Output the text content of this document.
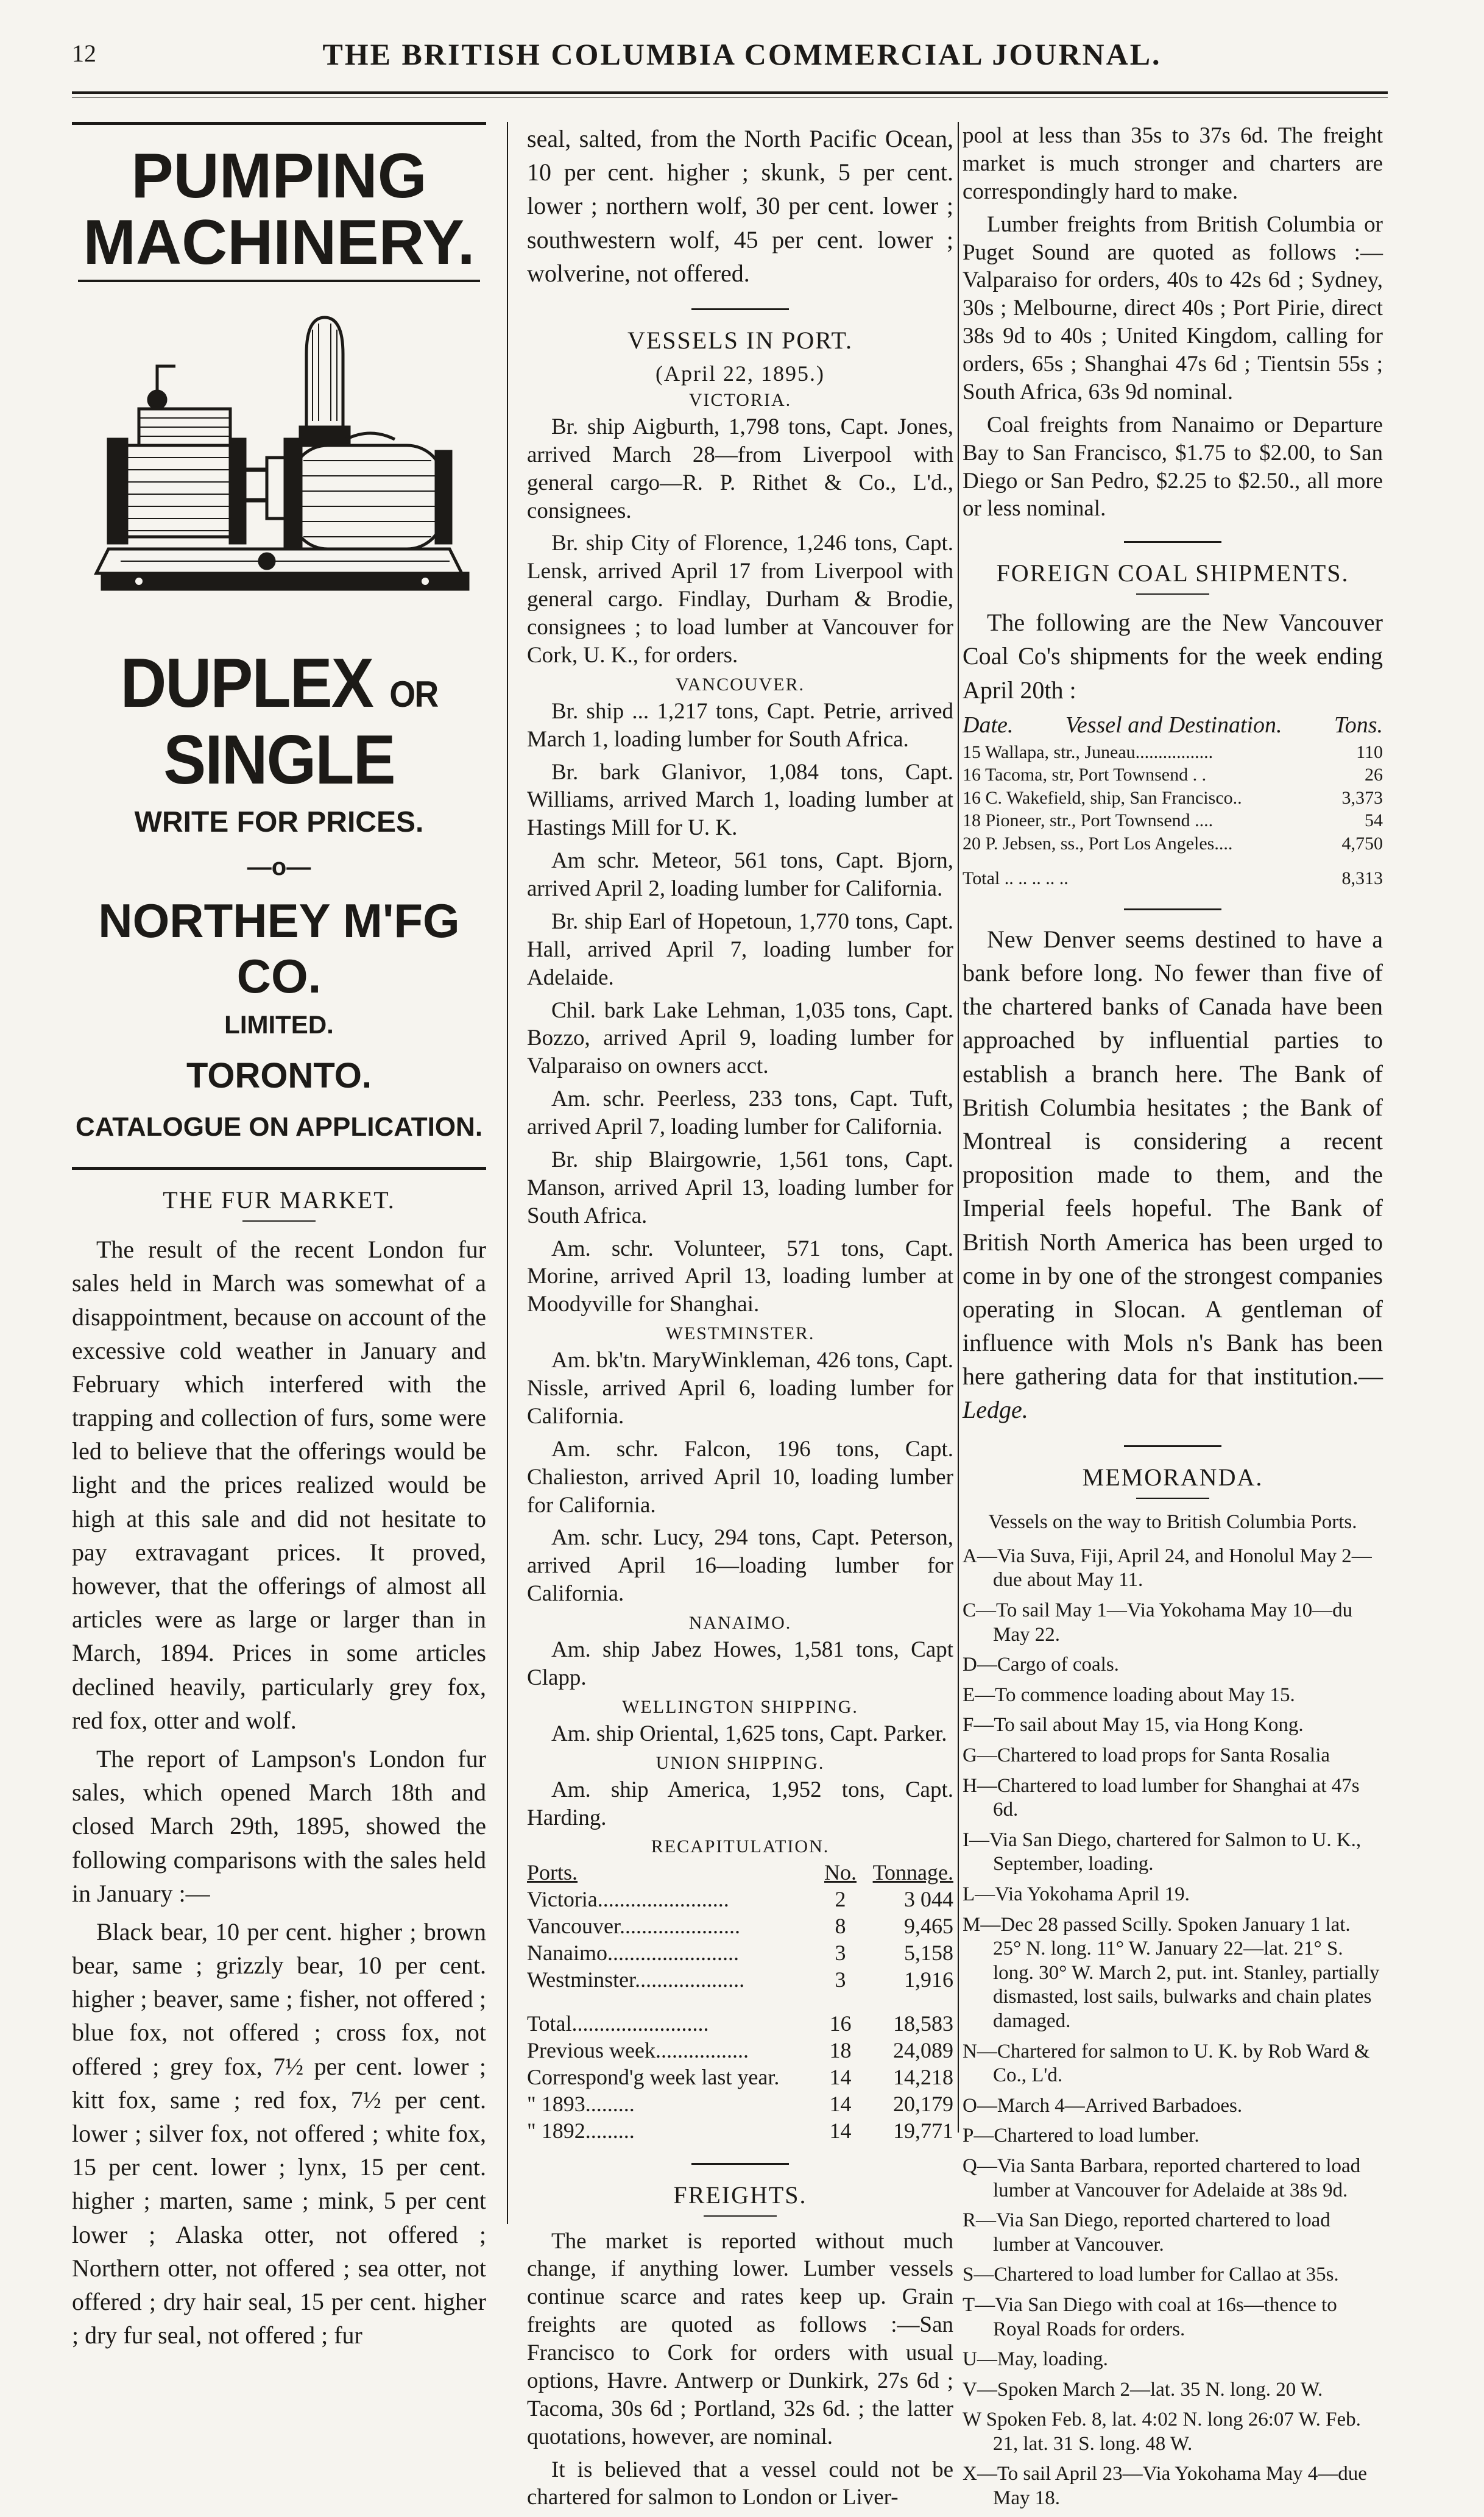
12	THE BRITISH COLUMBIA COMMERCIAL JOURNAL.
PUMPING
MACHINERY.
DUPLEX OR SINGLE
WRITE FOR PRICES.
—o—
NORTHEY M'FG CO.
LIMITED.
TORONTO.
CATALOGUE ON APPLICATION.
THE FUR MARKET.

The result of the recent London fur sales held in March was somewhat of a disappointment, because on account of the excessive cold weather in January and February which interfered with the trapping and collection of furs, some were led to believe that the offerings would be light and the prices realized would be high at this sale and did not hesitate to pay extravagant prices. It proved, however, that the offerings of almost all articles were as large or larger than in March, 1894. Prices in some articles declined heavily, particularly grey fox, red fox, otter and wolf.

The report of Lampson's London fur sales, which opened March 18th and closed March 29th, 1895, showed the following comparisons with the sales held in January :—

Black bear, 10 per cent. higher ; brown bear, same ; grizzly bear, 10 per cent. higher ; beaver, same ; fisher, not offered ; blue fox, not offered ; cross fox, not offered ; grey fox, 7½ per cent. lower ; kitt fox, same ; red fox, 7½ per cent. lower ; silver fox, not offered ; white fox, 15 per cent. lower ; lynx, 15 per cent. higher ; marten, same ; mink, 5 per cent lower ; Alaska otter, not offered ; Northern otter, not offered ; sea otter, not offered ; dry hair seal, 15 per cent. higher ; dry fur seal, not offered ; fur

seal, salted, from the North Pacific Ocean, 10 per cent. higher ; skunk, 5 per cent. lower ; northern wolf, 30 per cent. lower ; southwestern wolf, 45 per cent. lower ; wolverine, not offered.

VESSELS IN PORT.
(April 22, 1895.)
VICTORIA.

Br. ship Aigburth, 1,798 tons, Capt. Jones, arrived March 28—from Liverpool with general cargo—R. P. Rithet & Co., L'd., consignees.

Br. ship City of Florence, 1,246 tons, Capt. Lensk, arrived April 17 from Liverpool with general cargo. Findlay, Durham & Brodie, consignees ; to load lumber at Vancouver for Cork, U. K., for orders.

VANCOUVER.

Br. ship ... 1,217 tons, Capt. Petrie, arrived March 1, loading lumber for South Africa.

Br. bark Glanivor, 1,084 tons, Capt. Williams, arrived March 1, loading lumber at Hastings Mill for U. K.

Am schr. Meteor, 561 tons, Capt. Bjorn, arrived April 2, loading lumber for California.

Br. ship Earl of Hopetoun, 1,770 tons, Capt. Hall, arrived April 7, loading lumber for Adelaide.

Chil. bark Lake Lehman, 1,035 tons, Capt. Bozzo, arrived April 9, loading lumber for Valparaiso on owners acct.

Am. schr. Peerless, 233 tons, Capt. Tuft, arrived April 7, loading lumber for California.

Br. ship Blairgowrie, 1,561 tons, Capt. Manson, arrived April 13, loading lumber for South Africa.

Am. schr. Volunteer, 571 tons, Capt. Morine, arrived April 13, loading lumber at Moodyville for Shanghai.

WESTMINSTER.

Am. bk'tn. MaryWinkleman, 426 tons, Capt. Nissle, arrived April 6, loading lumber for California.

Am. schr. Falcon, 196 tons, Capt. Chalieston, arrived April 10, loading lumber for California.

Am. schr. Lucy, 294 tons, Capt. Peterson, arrived April 16—loading lumber for California.

NANAIMO.

Am. ship Jabez Howes, 1,581 tons, Capt Clapp.

WELLINGTON SHIPPING.

Am. ship Oriental, 1,625 tons, Capt. Parker.

UNION SHIPPING.

Am. ship America, 1,952 tons, Capt. Harding.

RECAPITULATION.
Ports.	No.	Tonnage.
Victoria........................	2	3 044
Vancouver......................	8	9,465
Nanaimo........................	3	5,158
Westminster....................	3	1,916
Total.........................	16	18,583
Previous week.................	18	24,089
Correspond'g week last year.	14	14,218
" 1893.........	14	20,179
" 1892.........	14	19,771
FREIGHTS.

The market is reported without much change, if anything lower. Lumber vessels continue scarce and rates keep up. Grain freights are quoted as follows :—San Francisco to Cork for orders with usual options, Havre. Antwerp or Dunkirk, 27s 6d ; Tacoma, 30s 6d ; Portland, 32s 6d. ; the latter quotations, however, are nominal.

It is believed that a vessel could not be chartered for salmon to London or Liver-

pool at less than 35s to 37s 6d. The freight market is much stronger and charters are correspondingly hard to make.

Lumber freights from British Columbia or Puget Sound are quoted as follows :—Valparaiso for orders, 40s to 42s 6d ; Sydney, 30s ; Melbourne, direct 40s ; Port Pirie, direct 38s 9d to 40s ; United Kingdom, calling for orders, 65s ; Shanghai 47s 6d ; Tientsin 55s ; South Africa, 63s 9d nominal.

Coal freights from Nanaimo or Departure Bay to San Francisco, $1.75 to $2.00, to San Diego or San Pedro, $2.25 to $2.50., all more or less nominal.

FOREIGN COAL SHIPMENTS.

The following are the New Vancouver Coal Co's shipments for the week ending April 20th :

Date. Vessel and Destination. Tons.
15 Wallapa, str., Juneau.................	110
16 Tacoma, str, Port Townsend . .	26
16 C. Wakefield, ship, San Francisco..	3,373
18 Pioneer, str., Port Townsend ....	54
20 P. Jebsen, ss., Port Los Angeles....	4,750
Total .. .. .. .. ..	8,313

New Denver seems destined to have a bank before long. No fewer than five of the chartered banks of Canada have been approached by influential parties to establish a branch here. The Bank of British Columbia hesitates ; the Bank of Montreal is considering a recent proposition made to them, and the Imperial feels hopeful. The Bank of British North America has been urged to come in by one of the strongest companies operating in Slocan. A gentleman of influence with Mols n's Bank has been here gathering data for that institution.—Ledge.

MEMORANDA.
Vessels on the way to British Columbia Ports.
A—Via Suva, Fiji, April 24, and Honolul May 2—due about May 11.
C—To sail May 1—Via Yokohama May 10—du May 22.
D—Cargo of coals.
E—To commence loading about May 15.
F—To sail about May 15, via Hong Kong.
G—Chartered to load props for Santa Rosalia
H—Chartered to load lumber for Shanghai at 47s 6d.
I—Via San Diego, chartered for Salmon to U. K., September, loading.
L—Via Yokohama April 19.
M—Dec 28 passed Scilly. Spoken January 1 lat. 25° N. long. 11° W. January 22—lat. 21° S. long. 30° W. March 2, put. int. Stanley, partially dismasted, lost sails, bulwarks and chain plates damaged.
N—Chartered for salmon to U. K. by Rob Ward & Co., L'd.
O—March 4—Arrived Barbadoes.
P—Chartered to load lumber.
Q—Via Santa Barbara, reported chartered to load lumber at Vancouver for Adelaide at 38s 9d.
R—Via San Diego, reported chartered to load lumber at Vancouver.
S—Chartered to load lumber for Callao at 35s.
T—Via San Diego with coal at 16s—thence to Royal Roads for orders.
U—May, loading.
V—Spoken March 2—lat. 35 N. long. 20 W.
W Spoken Feb. 8, lat. 4:02 N. long 26:07 W. Feb. 21, lat. 31 S. long. 48 W.
X—To sail April 23—Via Yokohama May 4—due May 18.
